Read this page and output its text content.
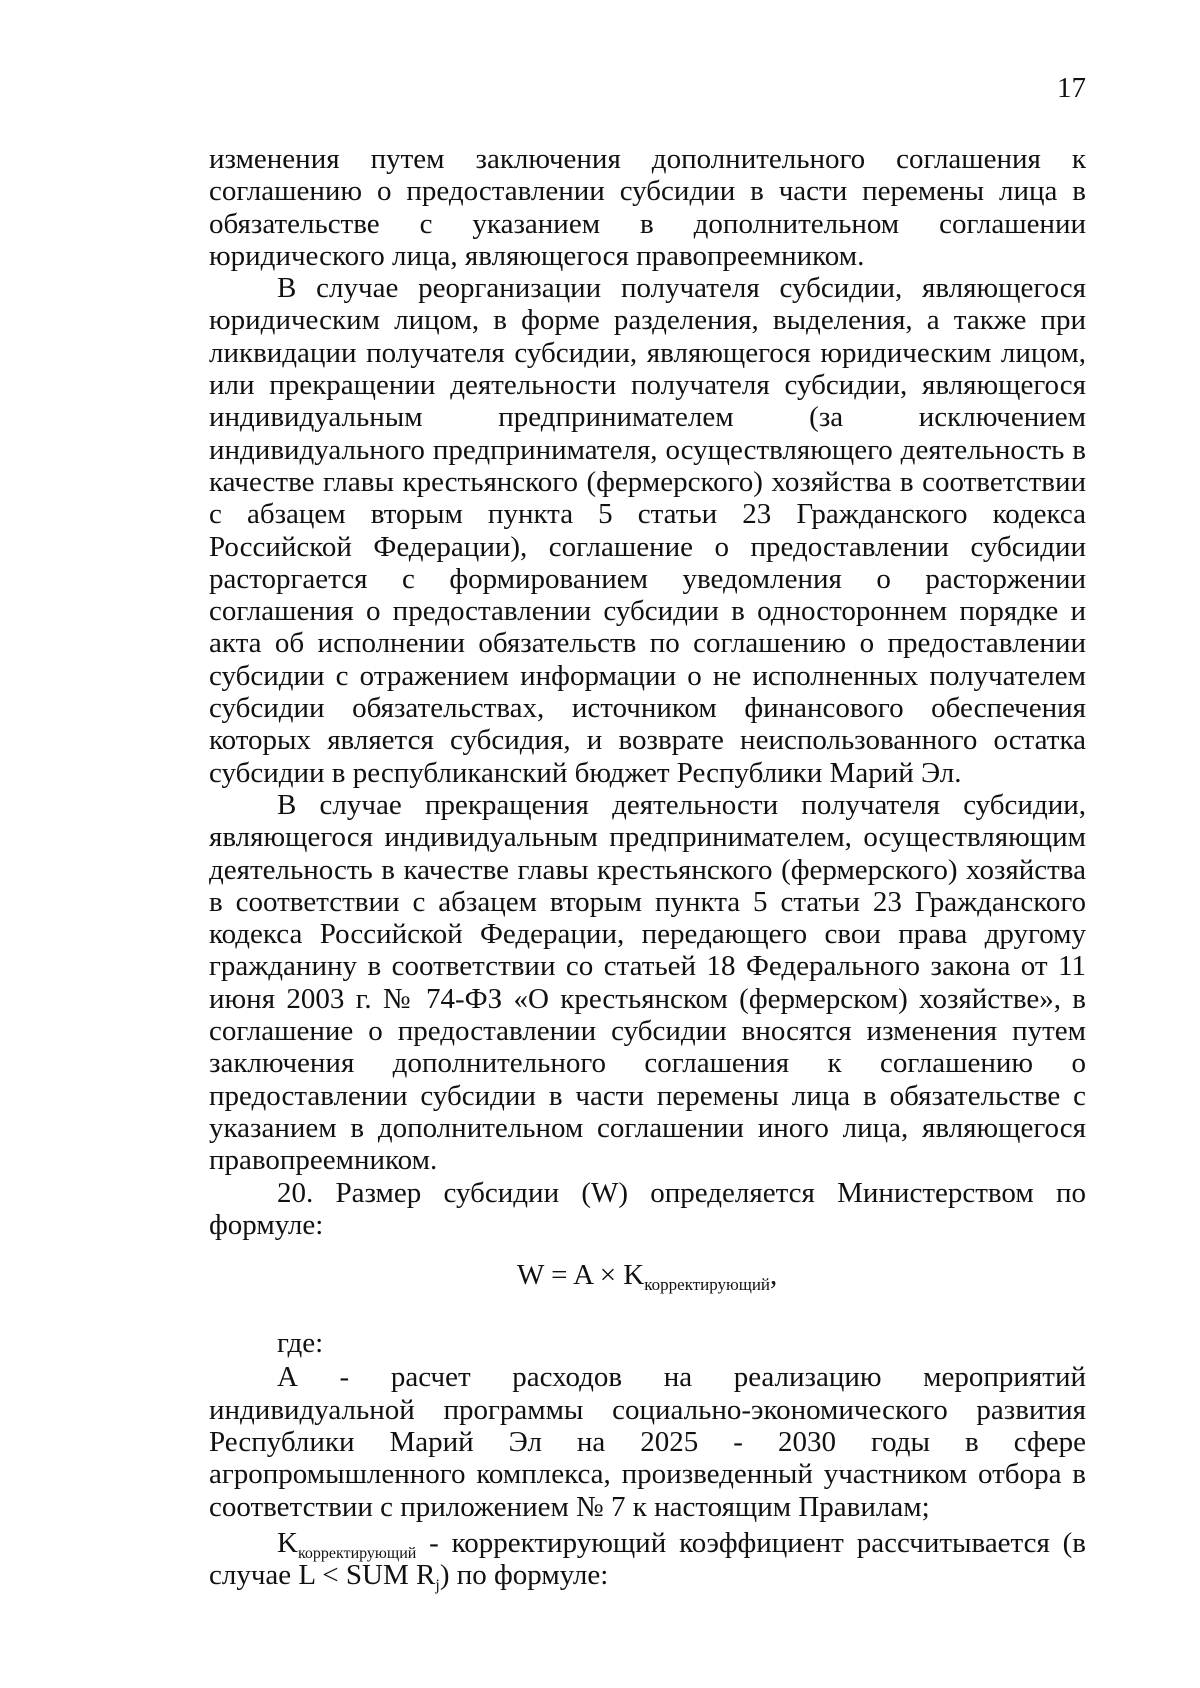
17

изменения путем заключения дополнительного соглашения к соглашению о предоставлении субсидии в части перемены лица в обязательстве с указанием в дополнительном соглашении юридического лица, являющегося правопреемником.

В случае реорганизации получателя субсидии, являющегося юридическим лицом, в форме разделения, выделения, а также при ликвидации получателя субсидии, являющегося юридическим лицом, или прекращении деятельности получателя субсидии, являющегося индивидуальным предпринимателем (за исключением индивидуального предпринимателя, осуществляющего деятельность в качестве главы крестьянского (фермерского) хозяйства в соответствии с абзацем вторым пункта 5 статьи 23 Гражданского кодекса Российской Федерации), соглашение о предоставлении субсидии расторгается с формированием уведомления о расторжении соглашения о предоставлении субсидии в одностороннем порядке и акта об исполнении обязательств по соглашению о предоставлении субсидии с отражением информации о не исполненных получателем субсидии обязательствах, источником финансового обеспечения которых является субсидия, и возврате неиспользованного остатка субсидии в республиканский бюджет Республики Марий Эл.

В случае прекращения деятельности получателя субсидии, являющегося индивидуальным предпринимателем, осуществляющим деятельность в качестве главы крестьянского (фермерского) хозяйства в соответствии с абзацем вторым пункта 5 статьи 23 Гражданского кодекса Российской Федерации, передающего свои права другому гражданину в соответствии со статьей 18 Федерального закона от 11 июня 2003 г. № 74-ФЗ «О крестьянском (фермерском) хозяйстве», в соглашение о предоставлении субсидии вносятся изменения путем заключения дополнительного соглашения к соглашению о предоставлении субсидии в части перемены лица в обязательстве с указанием в дополнительном соглашении иного лица, являющегося правопреемником.

20. Размер субсидии (W) определяется Министерством по формуле:

$W = A \times K_{корректирующий}$,

где:

А - расчет расходов на реализацию мероприятий индивидуальной программы социально-экономического развития Республики Марий Эл на 2025 - 2030 годы в сфере агропромышленного комплекса, произведенный участником отбора в соответствии с приложением № 7 к настоящим Правилам;

$K_{корректирующий}$ - корректирующий коэффициент рассчитывается (в случае L < SUM $R_j$) по формуле:
